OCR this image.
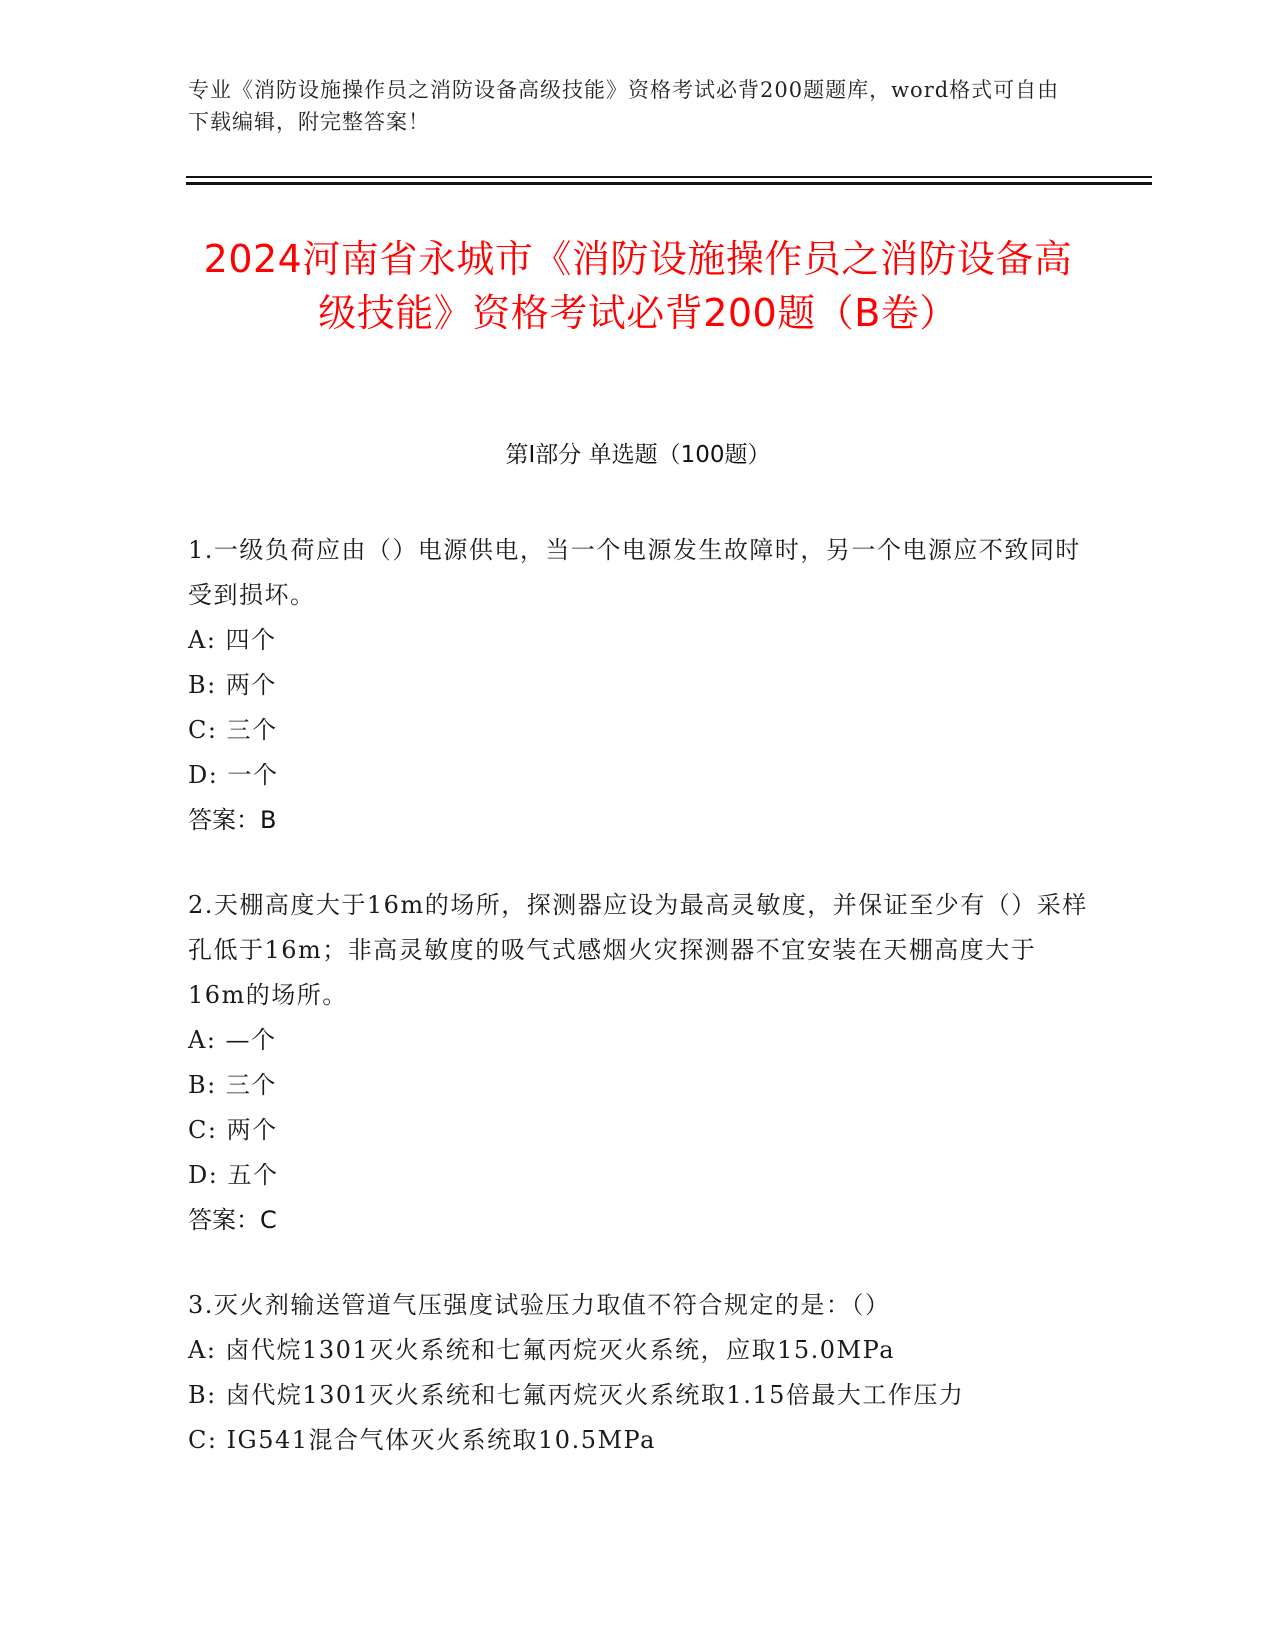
专业《消防设施操作员之消防设备高级技能》资格考试必背200题题库，word格式可自由下载编辑，附完整答案！
2024河南省永城市《消防设施操作员之消防设备高级技能》资格考试必背200题（B卷）
第I部分 单选题（100题）
1.一级负荷应由（）电源供电，当一个电源发生故障时，另一个电源应不致同时受到损坏。
A: 四个
B: 两个
C: 三个
D: 一个
答案：B
2.天棚高度大于16m的场所，探测器应设为最高灵敏度，并保证至少有（）采样孔低于16m；非高灵敏度的吸气式感烟火灾探测器不宜安装在天棚高度大于16m的场所。
A: —个
B: 三个
C: 两个
D: 五个
答案：C
3.灭火剂输送管道气压强度试验压力取值不符合规定的是：（）
A: 卤代烷1301灭火系统和七氟丙烷灭火系统，应取15.0MPa
B: 卤代烷1301灭火系统和七氟丙烷灭火系统取1.15倍最大工作压力
C: IG541混合气体灭火系统取10.5MPa
